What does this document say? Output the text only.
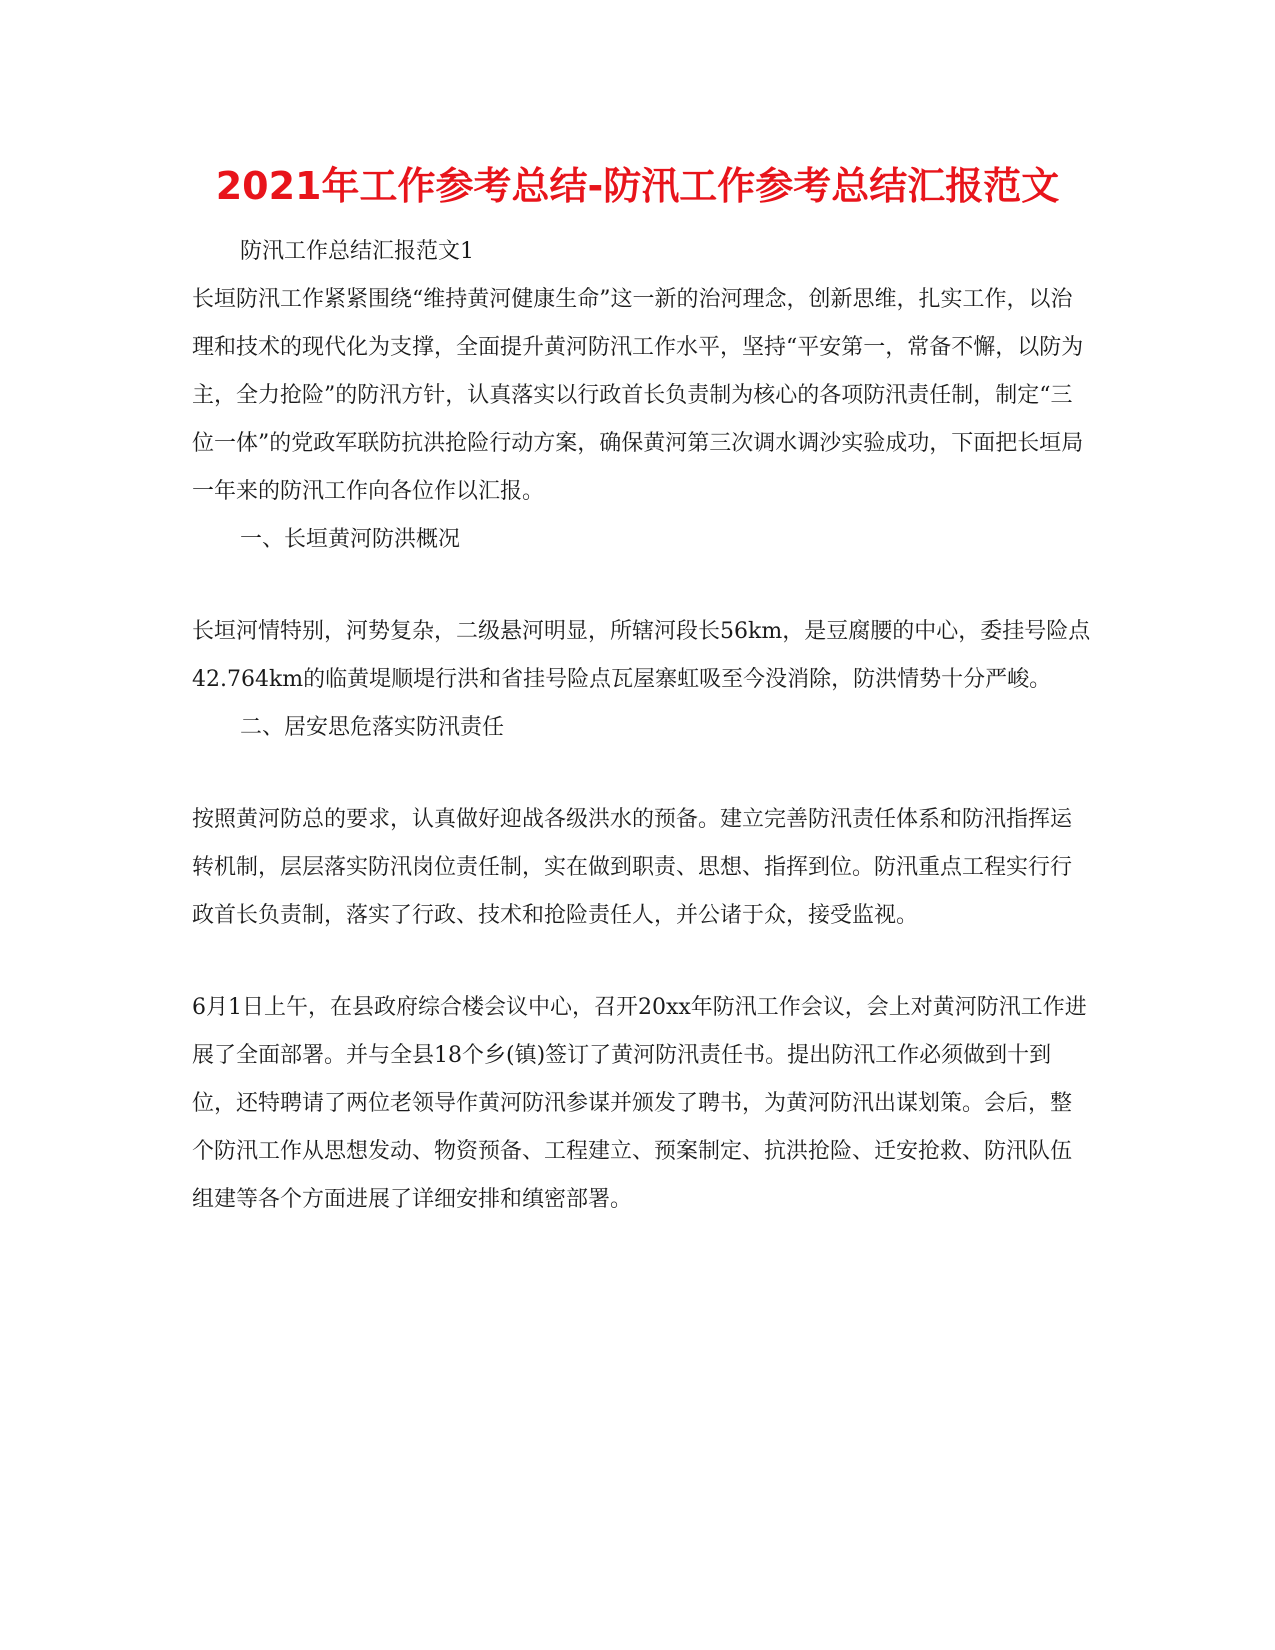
2021年工作参考总结-防汛工作参考总结汇报范文
防汛工作总结汇报范文1
长垣防汛工作紧紧围绕“维持黄河健康生命”这一新的治河理念，创新思维，扎实工作，以治理和技术的现代化为支撑，全面提升黄河防汛工作水平，坚持“平安第一，常备不懈，以防为主，全力抢险”的防汛方针，认真落实以行政首长负责制为核心的各项防汛责任制，制定“三位一体”的党政军联防抗洪抢险行动方案，确保黄河第三次调水调沙实验成功，下面把长垣局一年来的防汛工作向各位作以汇报。
一、长垣黄河防洪概况
长垣河情特别，河势复杂，二级悬河明显，所辖河段长56km，是豆腐腰的中心，委挂号险点42.764km的临黄堤顺堤行洪和省挂号险点瓦屋寨虹吸至今没消除，防洪情势十分严峻。
二、居安思危落实防汛责任
按照黄河防总的要求，认真做好迎战各级洪水的预备。建立完善防汛责任体系和防汛指挥运转机制，层层落实防汛岗位责任制，实在做到职责、思想、指挥到位。防汛重点工程实行行政首长负责制，落实了行政、技术和抢险责任人，并公诸于众，接受监视。
6月1日上午，在县政府综合楼会议中心，召开20xx年防汛工作会议，会上对黄河防汛工作进展了全面部署。并与全县18个乡(镇)签订了黄河防汛责任书。提出防汛工作必须做到十到位，还特聘请了两位老领导作黄河防汛参谋并颁发了聘书，为黄河防汛出谋划策。会后，整个防汛工作从思想发动、物资预备、工程建立、预案制定、抗洪抢险、迁安抢救、防汛队伍组建等各个方面进展了详细安排和缜密部署。
